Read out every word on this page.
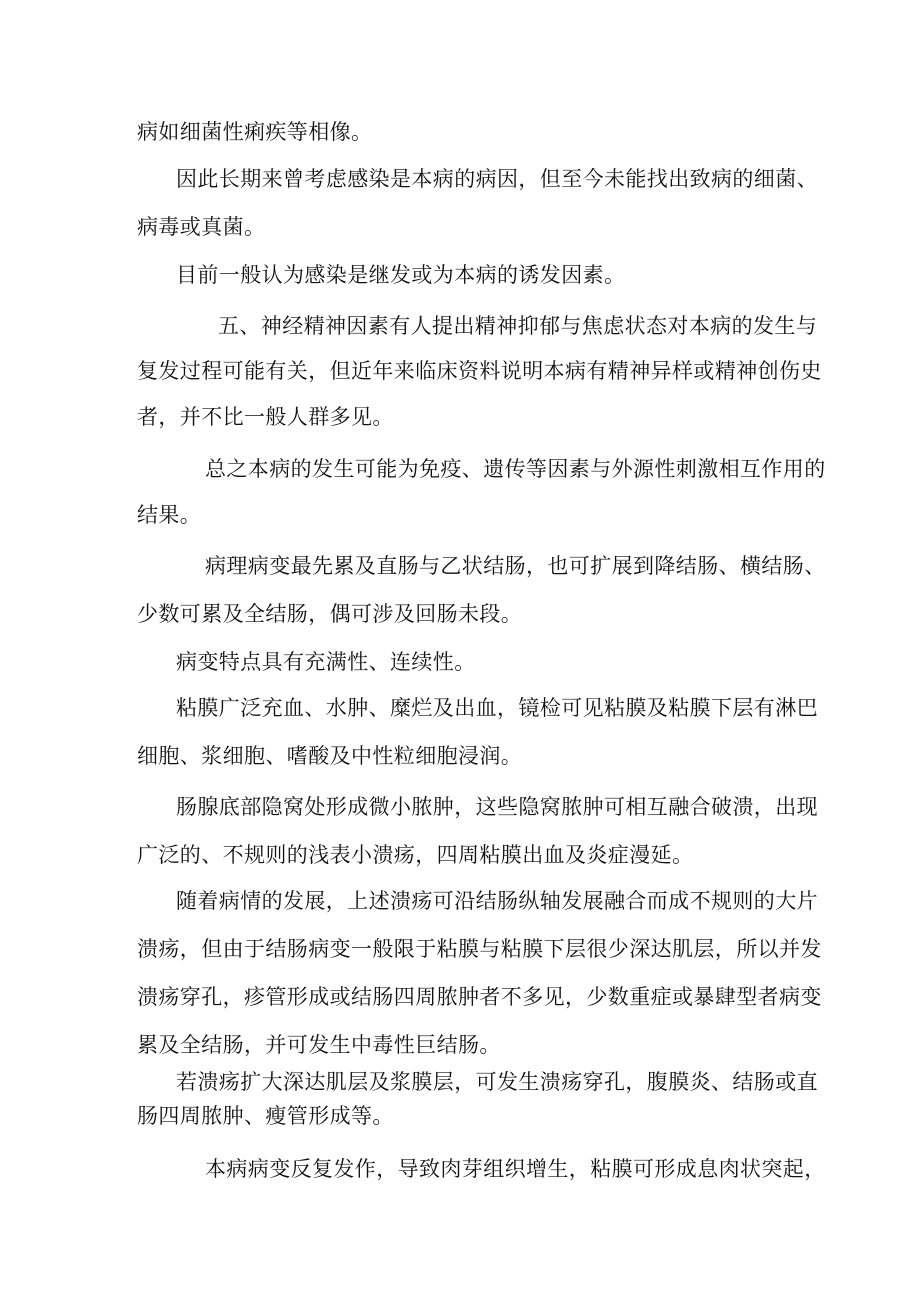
病如细菌性痢疾等相像。
因此长期来曾考虑感染是本病的病因，但至今未能找出致病的细菌、
病毒或真菌。
目前一般认为感染是继发或为本病的诱发因素。
五、神经精神因素有人提出精神抑郁与焦虑状态对本病的发生与
复发过程可能有关，但近年来临床资料说明本病有精神异样或精神创伤史
者，并不比一般人群多见。
总之本病的发生可能为免疫、遗传等因素与外源性刺激相互作用的
结果。
病理病变最先累及直肠与乙状结肠，也可扩展到降结肠、横结肠、
少数可累及全结肠，偶可涉及回肠未段。
病变特点具有充满性、连续性。
粘膜广泛充血、水肿、糜烂及出血，镜检可见粘膜及粘膜下层有淋巴
细胞、浆细胞、嗜酸及中性粒细胞浸润。
肠腺底部隐窝处形成微小脓肿，这些隐窝脓肿可相互融合破溃，出现
广泛的、不规则的浅表小溃疡，四周粘膜出血及炎症漫延。
随着病情的发展，上述溃疡可沿结肠纵轴发展融合而成不规则的大片
溃疡，但由于结肠病变一般限于粘膜与粘膜下层很少深达肌层，所以并发
溃疡穿孔，疹管形成或结肠四周脓肿者不多见，少数重症或暴肆型者病变
累及全结肠，并可发生中毒性巨结肠。
若溃疡扩大深达肌层及浆膜层，可发生溃疡穿孔，腹膜炎、结肠或直
肠四周脓肿、瘦管形成等。
本病病变反复发作，导致肉芽组织增生，粘膜可形成息肉状突起，
